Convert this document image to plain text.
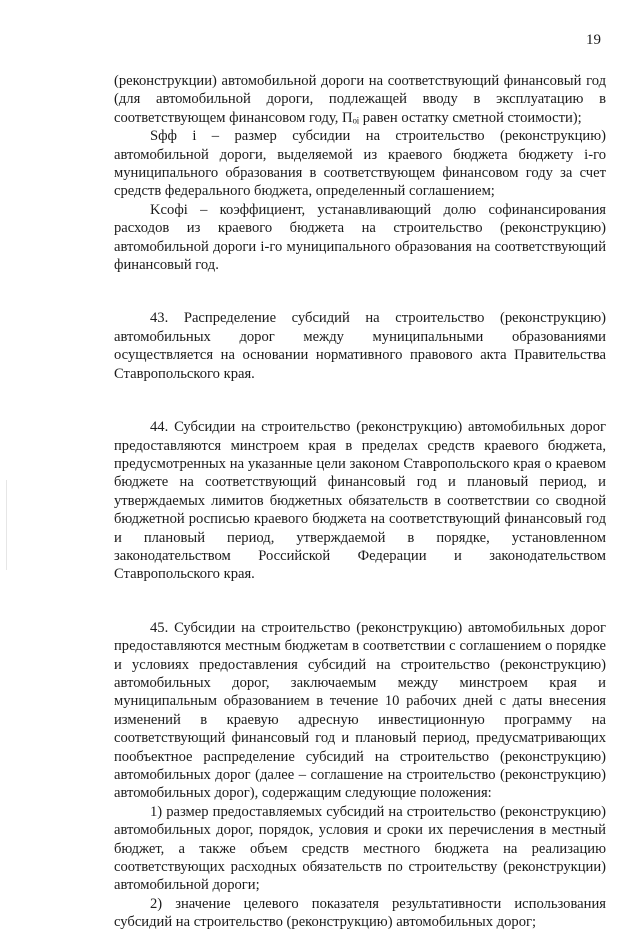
19

(реконструкции) автомобильной дороги на соответствующий финансовый год (для автомобильной дороги, подлежащей вводу в эксплуатацию в соответствующем финансовом году, Пₒᵢ равен остатку сметной стоимости);

Sфф i – размер субсидии на строительство (реконструкцию) автомобильной дороги, выделяемой из краевого бюджета бюджету i-го муниципального образования в соответствующем финансовом году за счет средств федерального бюджета, определенный соглашением;

Kсофi – коэффициент, устанавливающий долю софинансирования расходов из краевого бюджета на строительство (реконструкцию) автомобильной дороги i-го муниципального образования на соответствующий финансовый год.

43. Распределение субсидий на строительство (реконструкцию) автомобильных дорог между муниципальными образованиями осуществляется на основании нормативного правового акта Правительства Ставропольского края.

44. Субсидии на строительство (реконструкцию) автомобильных дорог предоставляются минстроем края в пределах средств краевого бюджета, предусмотренных на указанные цели законом Ставропольского края о краевом бюджете на соответствующий финансовый год и плановый период, и утверждаемых лимитов бюджетных обязательств в соответствии со сводной бюджетной росписью краевого бюджета на соответствующий финансовый год и плановый период, утверждаемой в порядке, установленном законодательством Российской Федерации и законодательством Ставропольского края.

45. Субсидии на строительство (реконструкцию) автомобильных дорог предоставляются местным бюджетам в соответствии с соглашением о порядке и условиях предоставления субсидий на строительство (реконструкцию) автомобильных дорог, заключаемым между минстроем края и муниципальным образованием в течение 10 рабочих дней с даты внесения изменений в краевую адресную инвестиционную программу на соответствующий финансовый год и плановый период, предусматривающих пообъектное распределение субсидий на строительство (реконструкцию) автомобильных дорог (далее – соглашение на строительство (реконструкцию) автомобильных дорог), содержащим следующие положения:

1) размер предоставляемых субсидий на строительство (реконструкцию) автомобильных дорог, порядок, условия и сроки их перечисления в местный бюджет, а также объем средств местного бюджета на реализацию соответствующих расходных обязательств по строительству (реконструкции) автомобильной дороги;

2) значение целевого показателя результативности использования субсидий на строительство (реконструкцию) автомобильных дорог;
